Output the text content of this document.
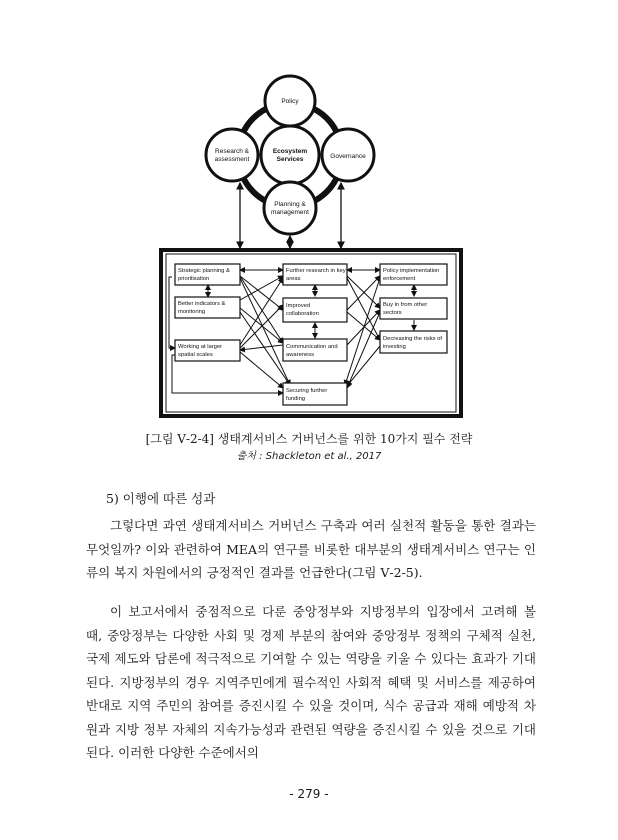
Policy
Research &
assessment
Ecosystem
Services	Governance
Planning &
management
Strategic planning &
prioritisation
Better indicators &
monitoring
Working at larger
spatial scales
Further research in key
areas
Improved
collaboration
Communication and
awareness
Securing further
funding
Policy implementation
enforcement
Buy in from other
sectors
Decreasing the risks of
investing
[그림 Ⅴ-2-4] 생태계서비스 거버넌스를 위한 10가지 필수 전략
출처 : Shackleton et al., 2017
5) 이행에 따른 성과

그렇다면 과연 생태계서비스 거버넌스 구축과 여러 실천적 활동을 통한 결과는 무엇일까? 이와 관련하여 MEA의 연구를 비롯한 대부분의 생태계서비스 연구는 인류의 복지 차원에서의 긍정적인 결과를 언급한다(그림 Ⅴ-2-5).

이 보고서에서 중점적으로 다룬 중앙정부와 지방정부의 입장에서 고려해 볼 때, 중앙정부는 다양한 사회 및 경제 부분의 참여와 중앙정부 정책의 구체적 실천, 국제 제도와 담론에 적극적으로 기여할 수 있는 역량을 키울 수 있다는 효과가 기대된다. 지방정부의 경우 지역주민에게 필수적인 사회적 혜택 및 서비스를 제공하여 반대로 지역 주민의 참여를 증진시킬 수 있을 것이며, 식수 공급과 재해 예방적 차원과 지방 정부 자체의 지속가능성과 관련된 역량을 증진시킬 수 있을 것으로 기대된다. 이러한 다양한 수준에서의

- 279 -
